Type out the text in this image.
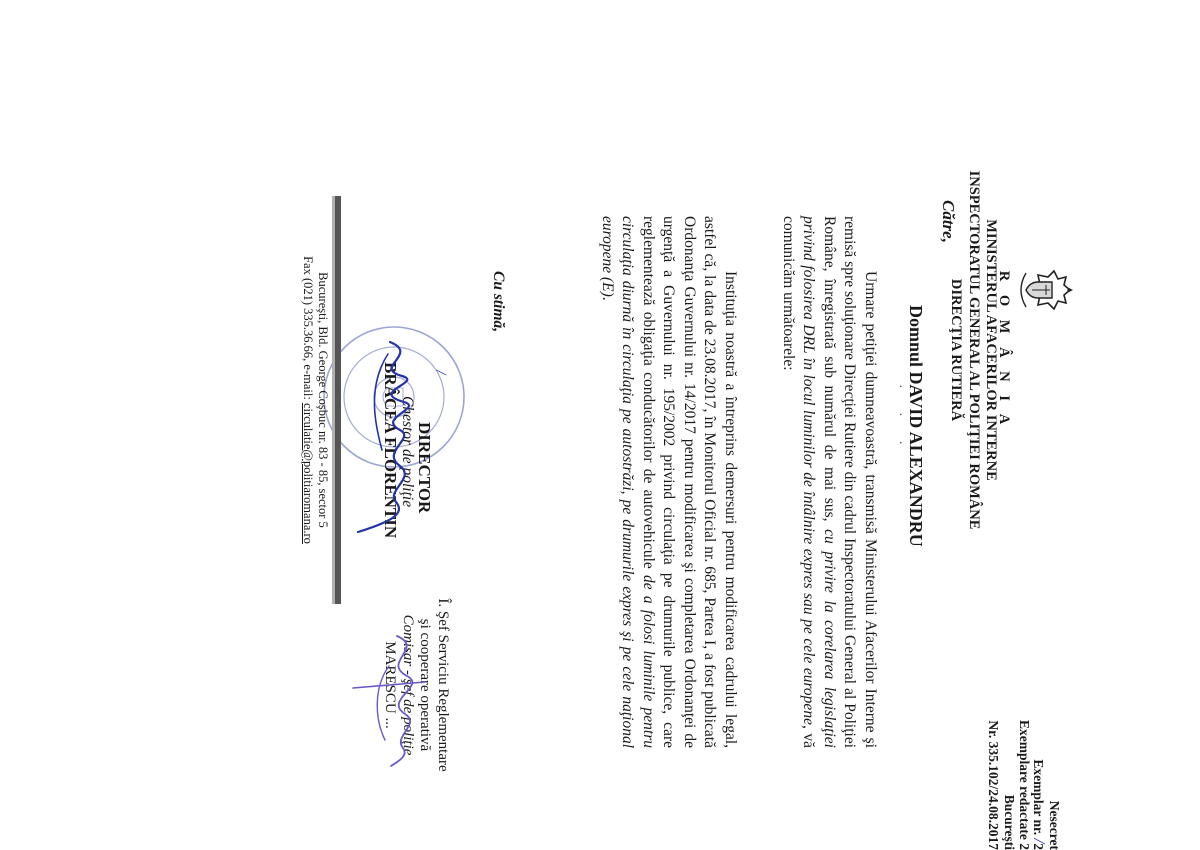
R O M Â N I A
MINISTERUL AFACERILOR INTERNE
INSPECTORATUL GENERAL AL POLIŢIEI ROMÂNE
DIRECŢIA RUTIERĂ
Nesecret
Exemplar nr. /2
Exemplare redactate 2
Bucureşti
Nr. 335.102/24.08.2017
Către,
Domnul DAVID ALEXANDRU
· · ·
Urmare petiţiei dumneavoastră, transmisă Ministerului Afacerilor Interne şi remisă spre soluţionare Direcţiei Rutiere din cadrul Inspectoratului General al Poliţiei Române, înregistrată sub numărul de mai sus, cu privire la corelarea legislaţiei privind folosirea DRL în locul luminilor de întâlnire expres sau pe cele europene, vă comunicăm următoarele:
Instituţia noastră a întreprins demersuri pentru modificarea cadrului legal, astfel că, la data de 23.08.2017, în Monitorul Oficial nr. 685, Partea I, a fost publicată Ordonanţa Guvernului nr. 14/2017 pentru modificarea şi completarea Ordonanţei de urgenţă a Guvernului nr. 195/2002 privind circulaţia pe drumurile publice, care reglementează obligaţia conducătorilor de autovehicule de a folosi luminile pentru circulaţia diurnă în circulaţia pe autostrăzi, pe drumurile expres şi pe cele naţional europene (E).
Cu stimă,
/
DIRECTOR
Chestor de poliţie
BRÂCEA FLORENTIN
Î. Şef Serviciu Reglementare
şi cooperare operativă
Comisar - şef de poliţie
MARESCU ...
Bucureşti, Bld. George Coşbuc nr. 83 - 85, sector 5
Fax (021) 335.36.66, e-mail: circulatie@politiaromana.ro
